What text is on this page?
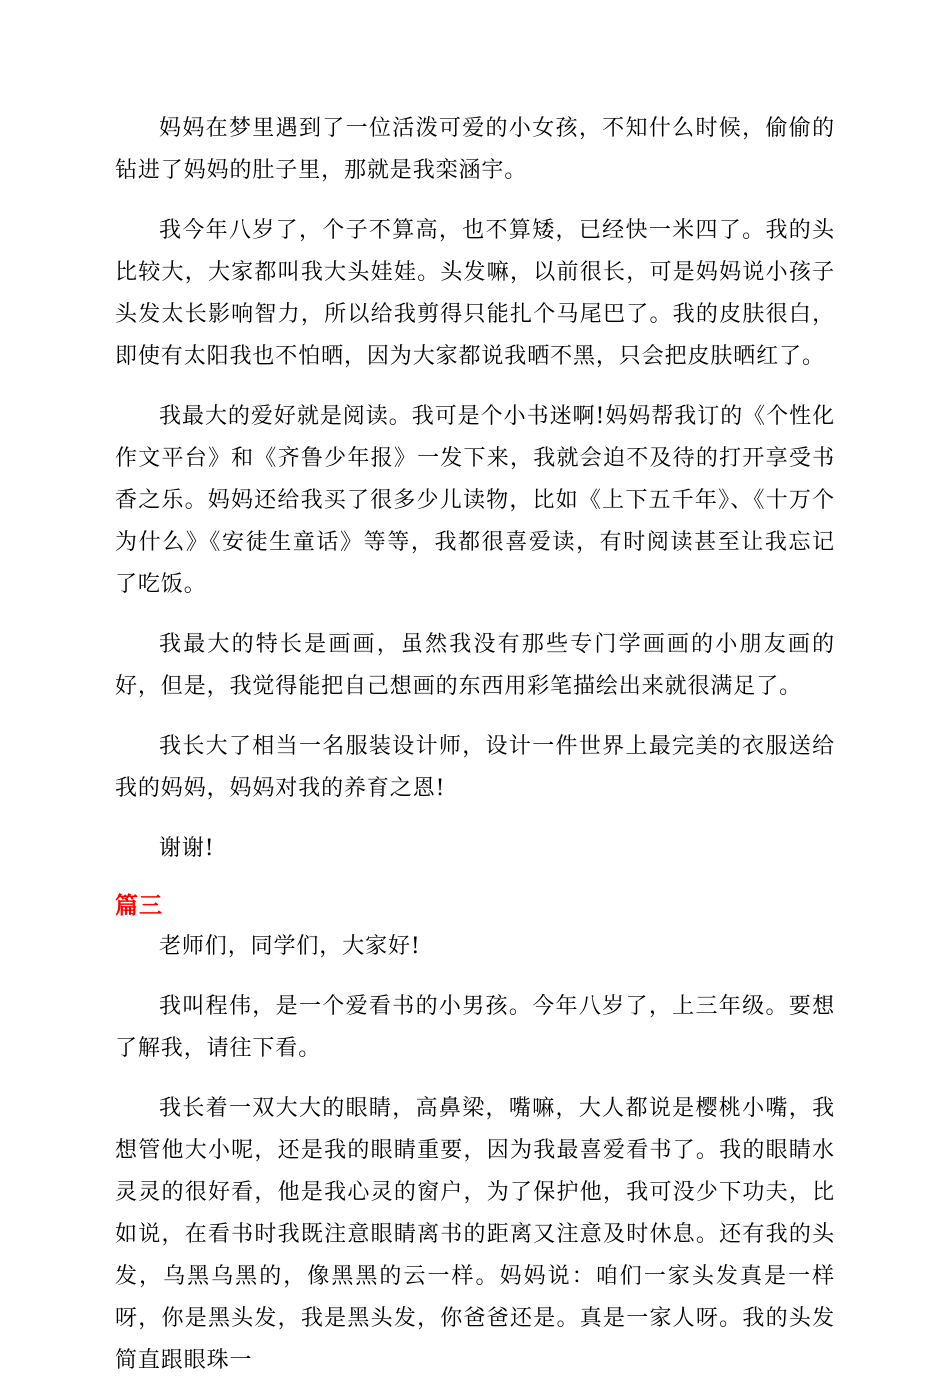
妈妈在梦里遇到了一位活泼可爱的小女孩，不知什么时候，偷偷的钻进了妈妈的肚子里，那就是我栾涵宇。

我今年八岁了，个子不算高，也不算矮，已经快一米四了。我的头比较大，大家都叫我大头娃娃。头发嘛，以前很长，可是妈妈说小孩子头发太长影响智力，所以给我剪得只能扎个马尾巴了。我的皮肤很白，即使有太阳我也不怕晒，因为大家都说我晒不黑，只会把皮肤晒红了。

我最大的爱好就是阅读。我可是个小书迷啊!妈妈帮我订的《个性化作文平台》和《齐鲁少年报》一发下来，我就会迫不及待的打开享受书香之乐。妈妈还给我买了很多少儿读物，比如《上下五千年》、《十万个为什么》《安徒生童话》等等，我都很喜爱读，有时阅读甚至让我忘记了吃饭。

我最大的特长是画画，虽然我没有那些专门学画画的小朋友画的好，但是，我觉得能把自己想画的东西用彩笔描绘出来就很满足了。

我长大了相当一名服装设计师，设计一件世界上最完美的衣服送给我的妈妈，妈妈对我的养育之恩!

谢谢!

篇三

老师们，同学们，大家好!

我叫程伟，是一个爱看书的小男孩。今年八岁了，上三年级。要想了解我，请往下看。

我长着一双大大的眼睛，高鼻梁，嘴嘛，大人都说是樱桃小嘴，我想管他大小呢，还是我的眼睛重要，因为我最喜爱看书了。我的眼睛水灵灵的很好看，他是我心灵的窗户，为了保护他，我可没少下功夫，比如说，在看书时我既注意眼睛离书的距离又注意及时休息。还有我的头发，乌黑乌黑的，像黑黑的云一样。妈妈说：咱们一家头发真是一样呀，你是黑头发，我是黑头发，你爸爸还是。真是一家人呀。我的头发简直跟眼珠一
